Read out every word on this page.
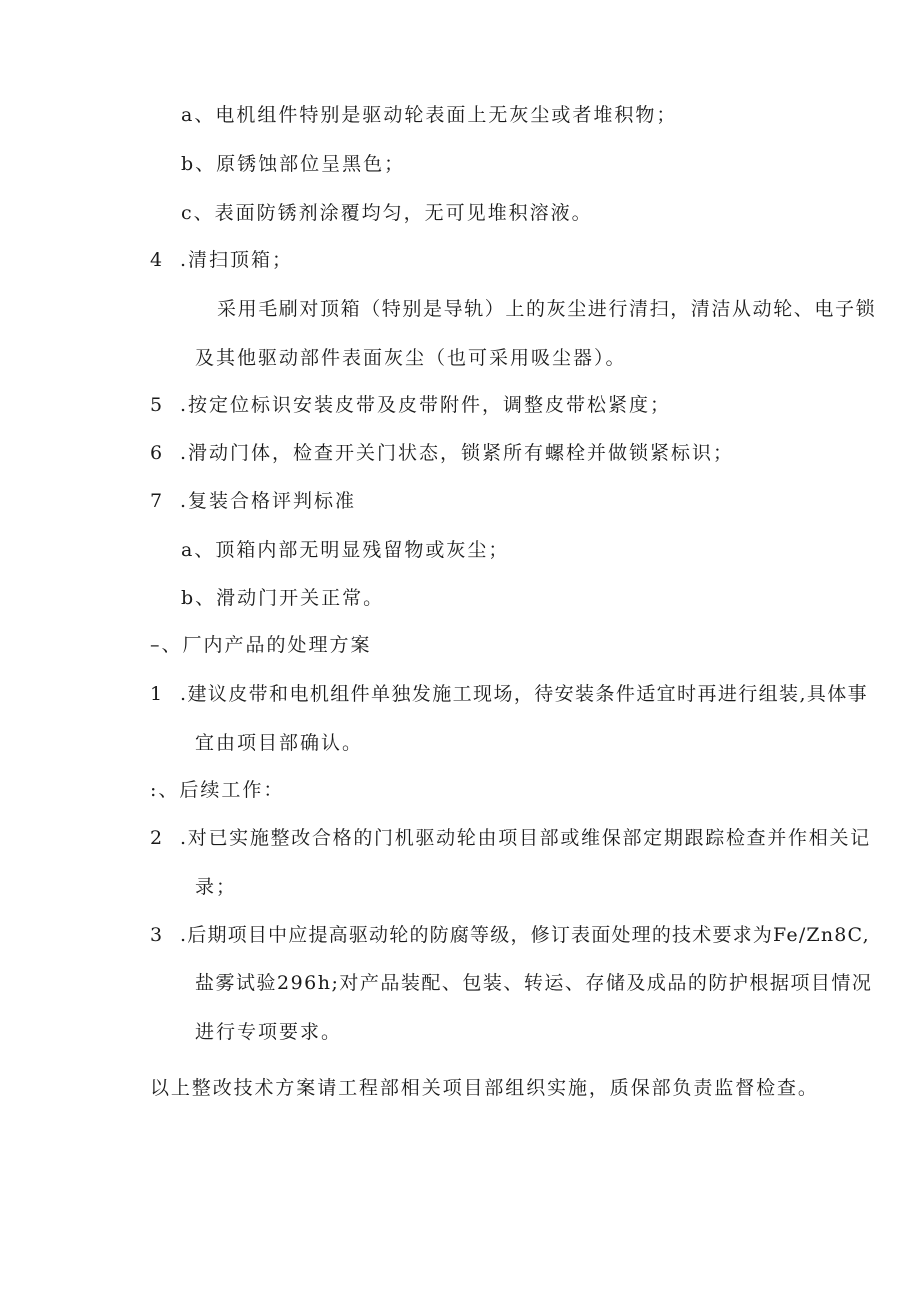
a、电机组件特别是驱动轮表面上无灰尘或者堆积物；
b、原锈蚀部位呈黑色；
c、表面防锈剂涂覆均匀，无可见堆积溶液。
4 .清扫顶箱；
采用毛刷对顶箱（特别是导轨）上的灰尘进行清扫，清洁从动轮、电子锁
及其他驱动部件表面灰尘（也可采用吸尘器）。
5 .按定位标识安装皮带及皮带附件，调整皮带松紧度；
6 .滑动门体，检查开关门状态，锁紧所有螺栓并做锁紧标识；
7 .复装合格评判标准
a、顶箱内部无明显残留物或灰尘；
b、滑动门开关正常。
–、厂内产品的处理方案
1 .建议皮带和电机组件单独发施工现场，待安装条件适宜时再进行组装,具体事
宜由项目部确认。
:、后续工作：
2 .对已实施整改合格的门机驱动轮由项目部或维保部定期跟踪检查并作相关记
录；
3 .后期项目中应提高驱动轮的防腐等级，修订表面处理的技术要求为Fe/Zn8C,
盐雾试验296h;对产品装配、包装、转运、存储及成品的防护根据项目情况
进行专项要求。
以上整改技术方案请工程部相关项目部组织实施，质保部负责监督检查。
